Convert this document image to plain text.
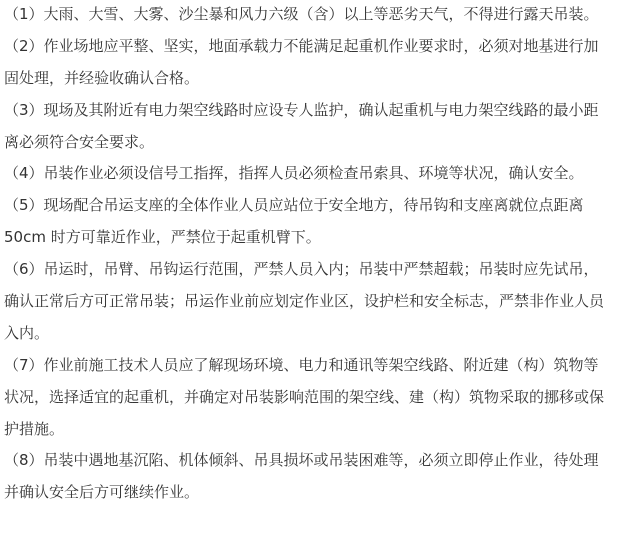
（1）大雨、大雪、大雾、沙尘暴和风力六级（含）以上等恶劣天气，不得进行露天吊装。
（2）作业场地应平整、坚实，地面承载力不能满足起重机作业要求时，必须对地基进行加
固处理，并经验收确认合格。
（3）现场及其附近有电力架空线路时应设专人监护，确认起重机与电力架空线路的最小距
离必须符合安全要求。
（4）吊装作业必须设信号工指挥，指挥人员必须检查吊索具、环境等状况，确认安全。
（5）现场配合吊运支座的全体作业人员应站位于安全地方，待吊钩和支座离就位点距离
50cm 时方可靠近作业，严禁位于起重机臂下。
（6）吊运时，吊臂、吊钩运行范围，严禁人员入内；吊装中严禁超载；吊装时应先试吊，
确认正常后方可正常吊装；吊运作业前应划定作业区，设护栏和安全标志，严禁非作业人员
入内。
（7）作业前施工技术人员应了解现场环境、电力和通讯等架空线路、附近建（构）筑物等
状况，选择适宜的起重机，并确定对吊装影响范围的架空线、建（构）筑物采取的挪移或保
护措施。
（8）吊装中遇地基沉陷、机体倾斜、吊具损坏或吊装困难等，必须立即停止作业，待处理
并确认安全后方可继续作业。
